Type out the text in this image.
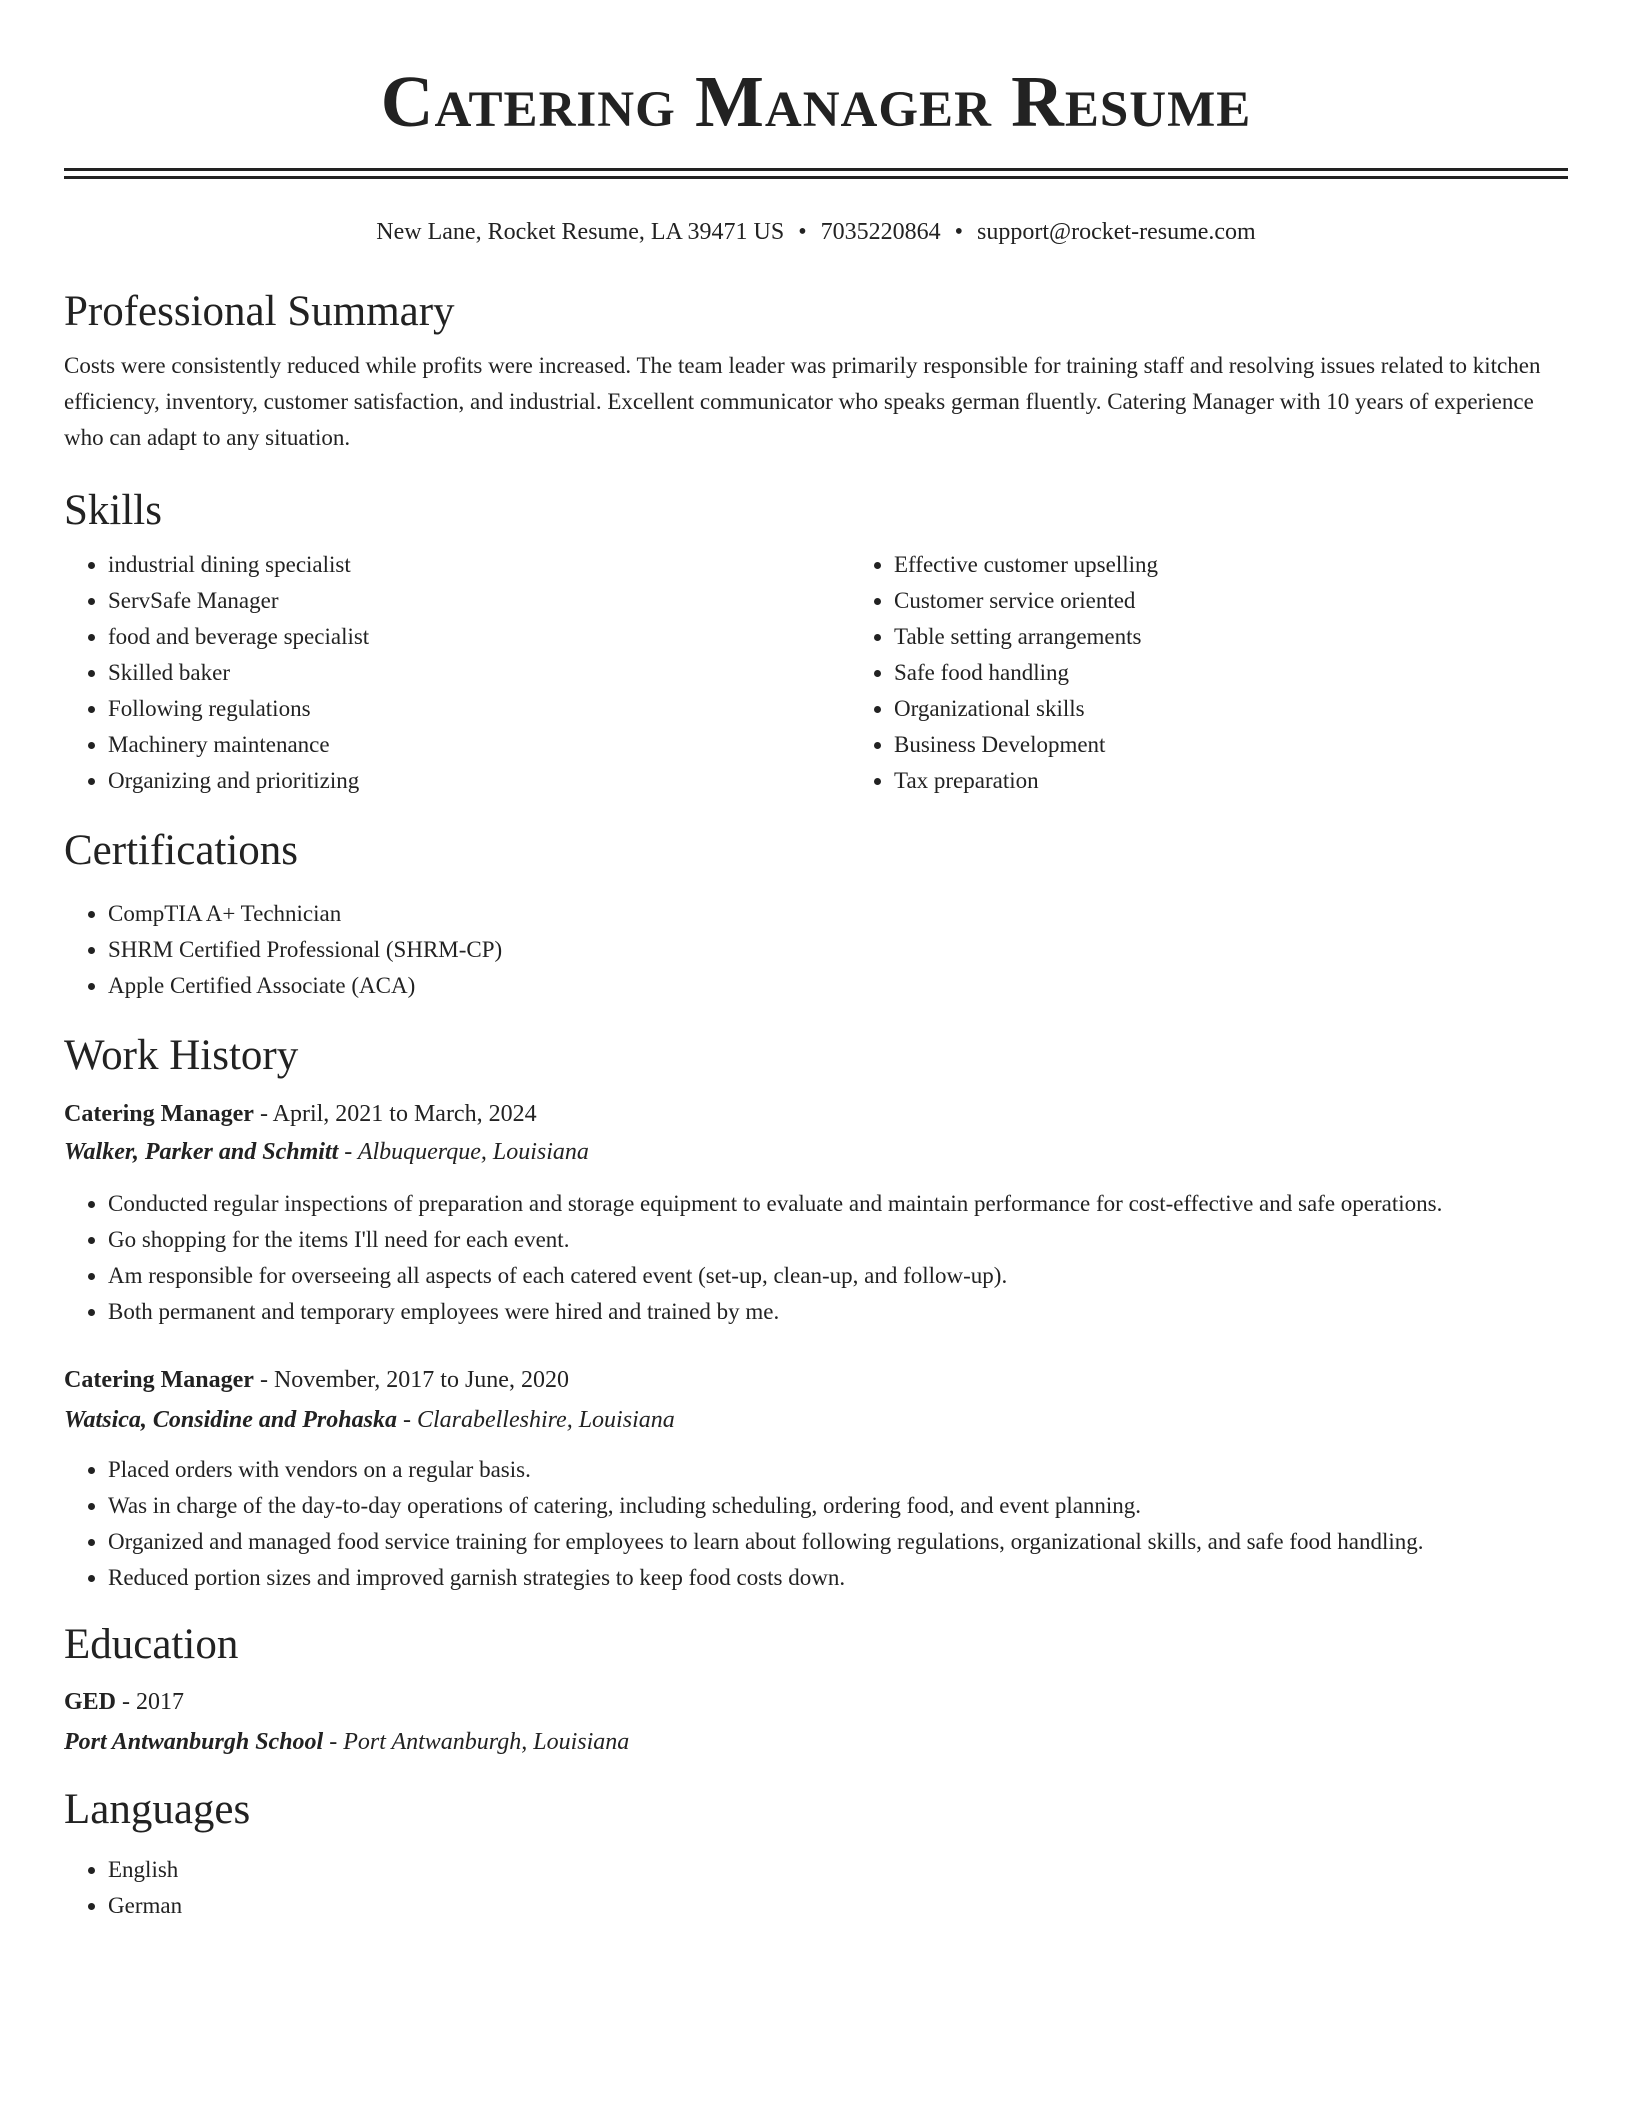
Catering Manager Resume
New Lane, Rocket Resume, LA 39471 US • 7035220864 • support@rocket-resume.com
Professional Summary

Costs were consistently reduced while profits were increased. The team leader was primarily responsible for training staff and resolving issues related to kitchen efficiency, inventory, customer satisfaction, and industrial. Excellent communicator who speaks german fluently. Catering Manager with 10 years of experience who can adapt to any situation.

Skills
• industrial dining specialist
• ServSafe Manager
• food and beverage specialist
• Skilled baker
• Following regulations
• Machinery maintenance
• Organizing and prioritizing
• Effective customer upselling
• Customer service oriented
• Table setting arrangements
• Safe food handling
• Organizational skills
• Business Development
• Tax preparation
Certifications
• CompTIA A+ Technician
• SHRM Certified Professional (SHRM-CP)
• Apple Certified Associate (ACA)
Work History
Catering Manager - April, 2021 to March, 2024
Walker, Parker and Schmitt - Albuquerque, Louisiana
• Conducted regular inspections of preparation and storage equipment to evaluate and maintain performance for cost-effective and safe operations.
• Go shopping for the items I'll need for each event.
• Am responsible for overseeing all aspects of each catered event (set-up, clean-up, and follow-up).
• Both permanent and temporary employees were hired and trained by me.
Catering Manager - November, 2017 to June, 2020
Watsica, Considine and Prohaska - Clarabelleshire, Louisiana
• Placed orders with vendors on a regular basis.
• Was in charge of the day-to-day operations of catering, including scheduling, ordering food, and event planning.
• Organized and managed food service training for employees to learn about following regulations, organizational skills, and safe food handling.
• Reduced portion sizes and improved garnish strategies to keep food costs down.
Education
GED - 2017
Port Antwanburgh School - Port Antwanburgh, Louisiana
Languages
• English
• German
